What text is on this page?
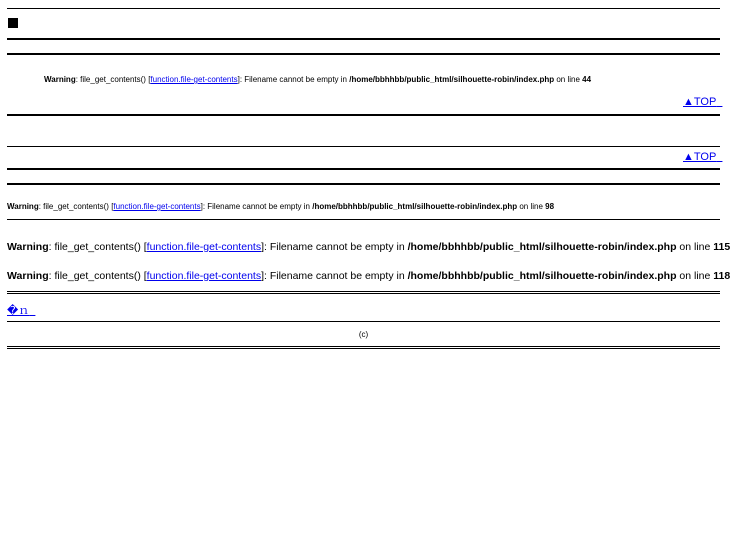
Warning: file_get_contents() [function.file-get-contents]: Filename cannot be empty in /home/bbhhbb/public_html/silhouette-robin/index.php on line 44
▲TOP
▲TOP
Warning: file_get_contents() [function.file-get-contents]: Filename cannot be empty in /home/bbhhbb/public_html/silhouette-robin/index.php on line 98
Warning: file_get_contents() [function.file-get-contents]: Filename cannot be empty in /home/bbhhbb/public_html/silhouette-robin/index.php on line 115
Warning: file_get_contents() [function.file-get-contents]: Filename cannot be empty in /home/bbhhbb/public_html/silhouette-robin/index.php on line 118
�ｎ
(c)
